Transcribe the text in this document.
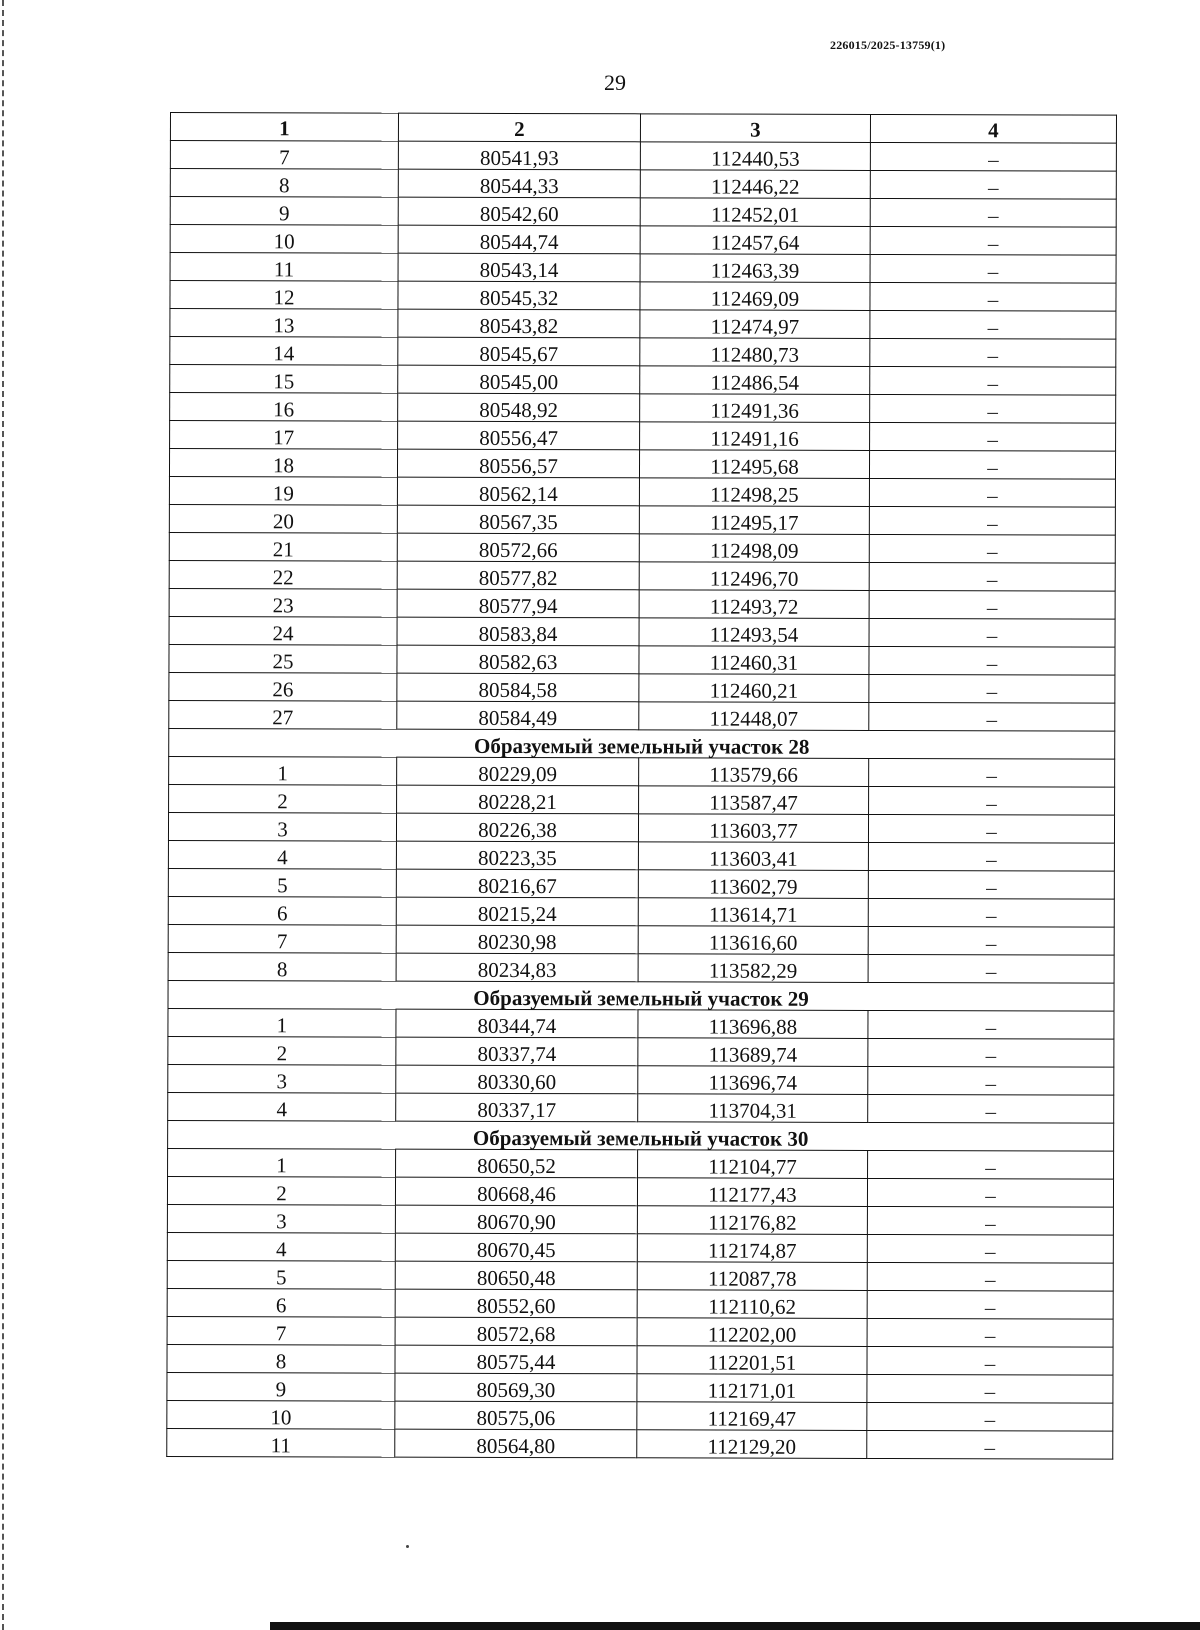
226015/2025-13759(1)
29
1	2	3	4
7	80541,93	112440,53	–
8	80544,33	112446,22	–
9	80542,60	112452,01	–
10	80544,74	112457,64	–
11	80543,14	112463,39	–
12	80545,32	112469,09	–
13	80543,82	112474,97	–
14	80545,67	112480,73	–
15	80545,00	112486,54	–
16	80548,92	112491,36	–
17	80556,47	112491,16	–
18	80556,57	112495,68	–
19	80562,14	112498,25	–
20	80567,35	112495,17	–
21	80572,66	112498,09	–
22	80577,82	112496,70	–
23	80577,94	112493,72	–
24	80583,84	112493,54	–
25	80582,63	112460,31	–
26	80584,58	112460,21	–
27	80584,49	112448,07	–
Образуемый земельный участок 28			
1	80229,09	113579,66	–
2	80228,21	113587,47	–
3	80226,38	113603,77	–
4	80223,35	113603,41	–
5	80216,67	113602,79	–
6	80215,24	113614,71	–
7	80230,98	113616,60	–
8	80234,83	113582,29	–
Образуемый земельный участок 29			
1	80344,74	113696,88	–
2	80337,74	113689,74	–
3	80330,60	113696,74	–
4	80337,17	113704,31	–
Образуемый земельный участок 30			
1	80650,52	112104,77	–
2	80668,46	112177,43	–
3	80670,90	112176,82	–
4	80670,45	112174,87	–
5	80650,48	112087,78	–
6	80552,60	112110,62	–
7	80572,68	112202,00	–
8	80575,44	112201,51	–
9	80569,30	112171,01	–
10	80575,06	112169,47	–
11	80564,80	112129,20	–
